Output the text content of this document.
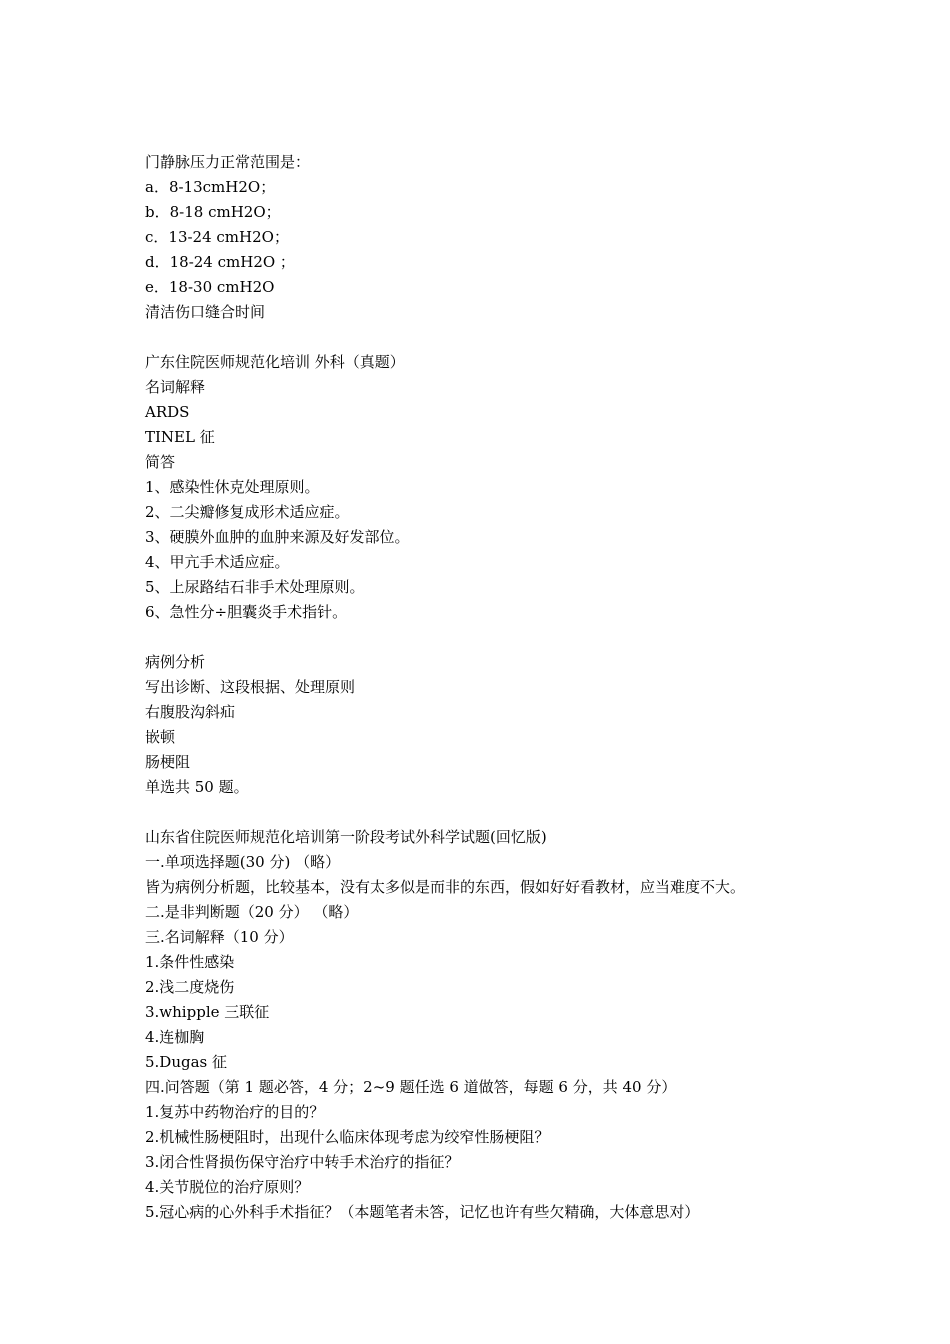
门静脉压力正常范围是：
a．8-13cmH2O；
b．8-18 cmH2O；
c．13-24 cmH2O；
d．18-24 cmH2O ；
e．18-30 cmH2O
清洁伤口缝合时间
广东住院医师规范化培训 外科（真题）
名词解释
ARDS
TINEL 征
简答
1、感染性休克处理原则。
2、二尖瓣修复成形术适应症。
3、硬膜外血肿的血肿来源及好发部位。
4、甲亢手术适应症。
5、上尿路结石非手术处理原则。
6、急性分÷胆囊炎手术指针。
病例分析
写出诊断、这段根据、处理原则
右腹股沟斜疝
嵌顿
肠梗阻
单选共 50 题。
山东省住院医师规范化培训第一阶段考试外科学试题(回忆版)
一.单项选择题(30 分) （略）
皆为病例分析题，比较基本，没有太多似是而非的东西，假如好好看教材，应当难度不大。
二.是非判断题（20 分） （略）
三.名词解释（10 分）
1.条件性感染
2.浅二度烧伤
3.whipple 三联征
4.连枷胸
5.Dugas 征
四.问答题（第 1 题必答，4 分；2~9 题任选 6 道做答，每题 6 分，共 40 分）
1.复苏中药物治疗的目的？
2.机械性肠梗阻时，出现什么临床体现考虑为绞窄性肠梗阻？
3.闭合性肾损伤保守治疗中转手术治疗的指征？
4.关节脱位的治疗原则？
5.冠心病的心外科手术指征？（本题笔者未答，记忆也许有些欠精确，大体意思对）
